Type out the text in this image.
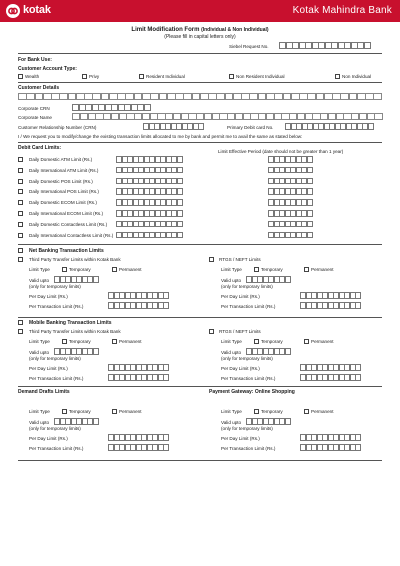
kotak	Kotak Mahindra Bank
Limit Modification Form (Individual & Non Individual)
(Please fill in capital letters only)
Siebel Request No.
For Bank Use:
Customer Account Type:
Wealth	Privy	Resident Individual	Non Resident Individual	Non Individual
Customer Details
Corporate CRN
Corporate Name
Customer Relationship Number (CRN)	Primary Debit card No.
I / We request you to modify/change the existing transaction limits allocated to me by bank and permit me to avail the same as stated below:
Debit Card Limits:
Limit Effective Period (date should not be greater than 1 year)
Daily Domestic ATM Limit (Rs.)
Daily International ATM Limit (Rs.)
Daily Domestic POS Limit (Rs.)
Daily International POS Limit (Rs.)
Daily Domestic ECOM Limit (Rs.)
Daily International ECOM Limit (Rs.)
Daily Domestic Contactless Limit (Rs.)
Daily International Contactless Limit (Rs.)
Net Banking Transaction Limits
Third Party Transfer Limits within Kotak Bank	RTGS / NEFT Limits
Limit Type	Temporary	Permanent
Valid upto
(only for temporary limits)
Per Day Limit (Rs.)
Per Transaction Limit (Rs.)
Limit Type	Temporary	Permanent
Valid upto
(only for temporary limits)
Per Day Limit (Rs.)
Per Transaction Limit (Rs.)
Mobile Banking Transaction Limits
Third Party Transfer Limits within Kotak Bank	RTGS / NEFT Limits
Limit Type	Temporary	Permanent
Valid upto
(only for temporary limits)
Per Day Limit (Rs.)
Per Transaction Limit (Rs.)
Limit Type	Temporary	Permanent
Valid upto
(only for temporary limits)
Per Day Limit (Rs.)
Per Transaction Limit (Rs.)
Demand Drafts Limits	Payment Gateway: Online Shopping
Limit Type	Temporary	Permanent
Valid upto
(only for temporary limits)
Per Day Limit (Rs.)
Per Transaction Limit (Rs.)
Limit Type	Temporary	Permanent
Valid upto
(only for temporary limits)
Per Day Limit (Rs.)
Per Transaction Limit (Rs.)
